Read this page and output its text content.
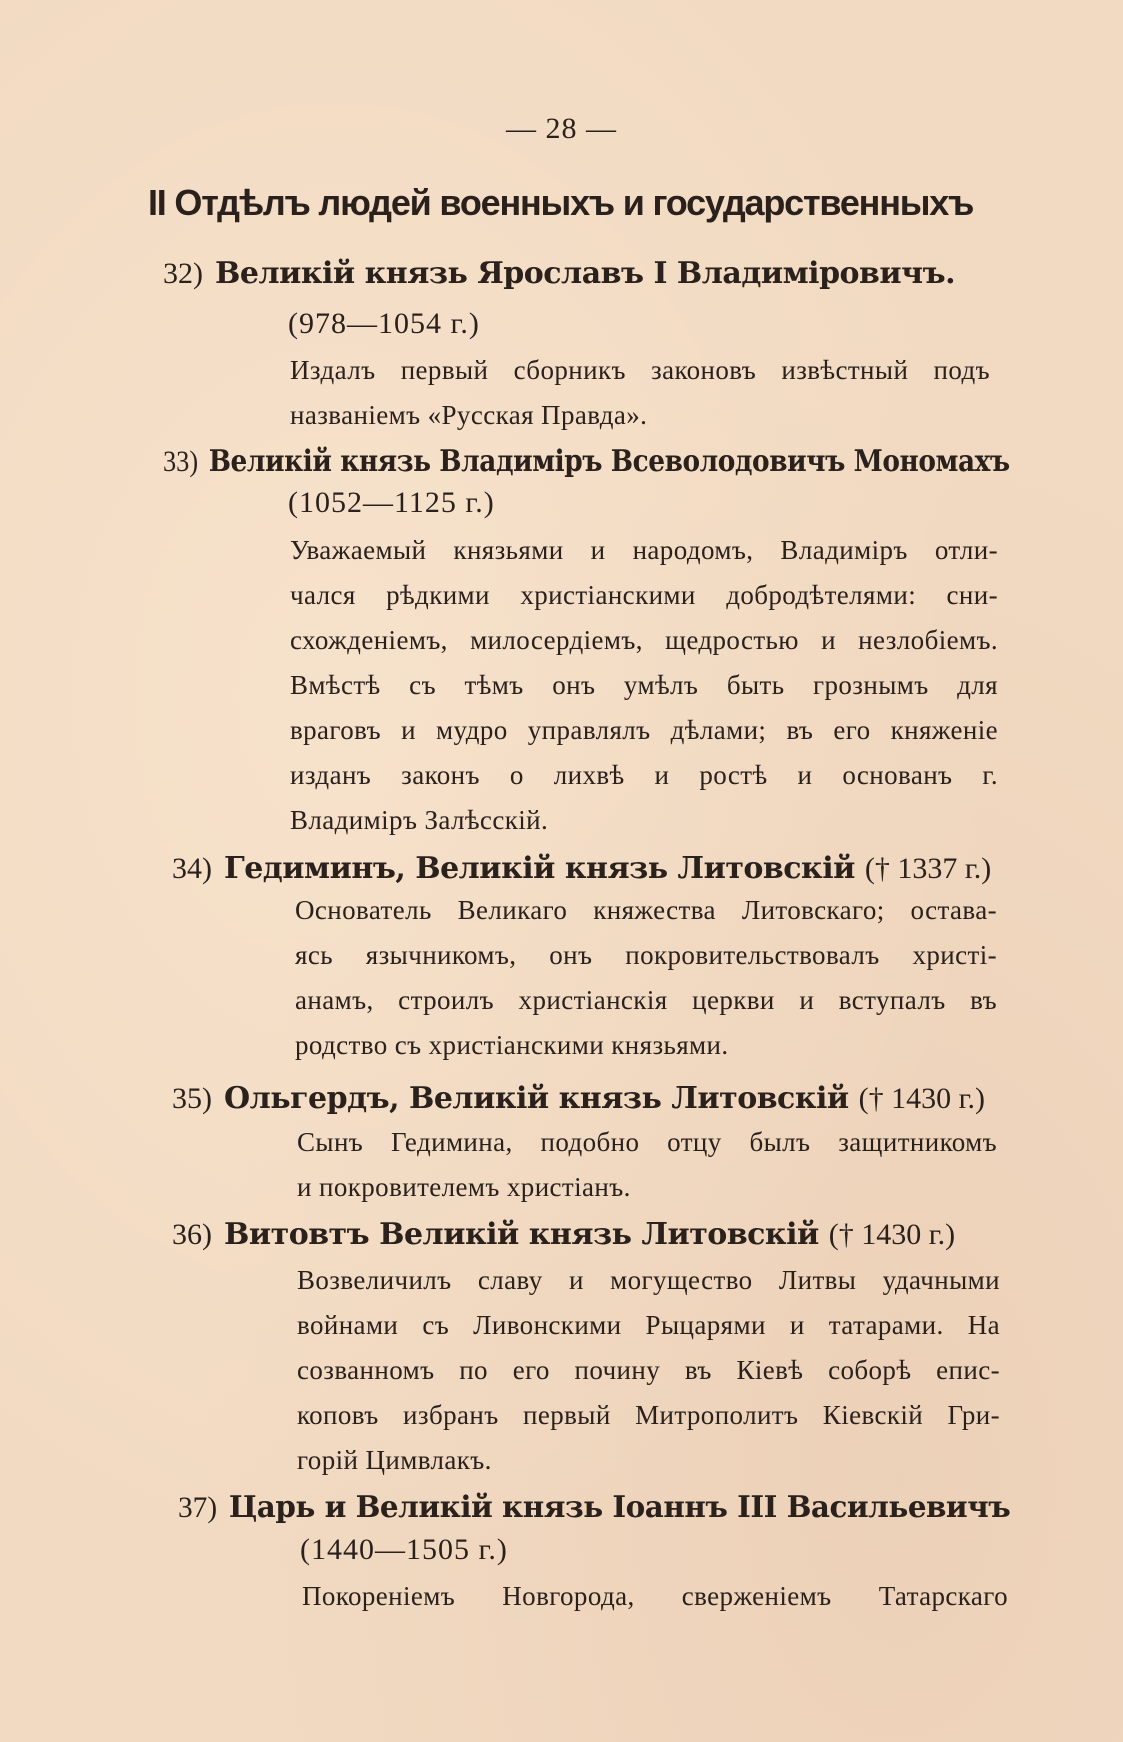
— 28 —
II Отдѣлъ людей военныхъ и государственныхъ
32) Великій князь Ярославъ I Владиміровичъ.
(978—1054 г.)
Издалъ первый сборникъ законовъ извѣстный подъ
названіемъ «Русская Правда».
33) Великій князь Владиміръ Всеволодовичъ Мономахъ
(1052—1125 г.)
Уважаемый князьями и народомъ, Владиміръ отли-
чался рѣдкими христіанскими добродѣтелями: сни-
схожденіемъ, милосердіемъ, щедростью и незлобіемъ.
Вмѣстѣ съ тѣмъ онъ умѣлъ быть грознымъ для
враговъ и мудро управлялъ дѣлами; въ его княженіе
изданъ законъ о лихвѣ и ростѣ и основанъ г.
Владиміръ Залѣсскій.
34) Гедиминъ, Великій князь Литовскій († 1337 г.)
Основатель Великаго княжества Литовскаго; остава-
ясь язычникомъ, онъ покровительствовалъ христі-
анамъ, строилъ христіанскія церкви и вступалъ въ
родство съ христіанскими князьями.
35) Ольгердъ, Великій князь Литовскій († 1430 г.)
Сынъ Гедимина, подобно отцу былъ защитникомъ
и покровителемъ христіанъ.
36) Витовтъ Великій князь Литовскій († 1430 г.)
Возвеличилъ славу и могущество Литвы удачными
войнами съ Ливонскими Рыцарями и татарами. На
созванномъ по его почину въ Кіевѣ соборѣ епис-
коповъ избранъ первый Митрополитъ Кіевскій Гри-
горій Цимвлакъ.
37) Царь и Великій князь Іоаннъ III Васильевичъ
(1440—1505 г.)
Покореніемъ Новгорода, сверженіемъ Татарскаго
